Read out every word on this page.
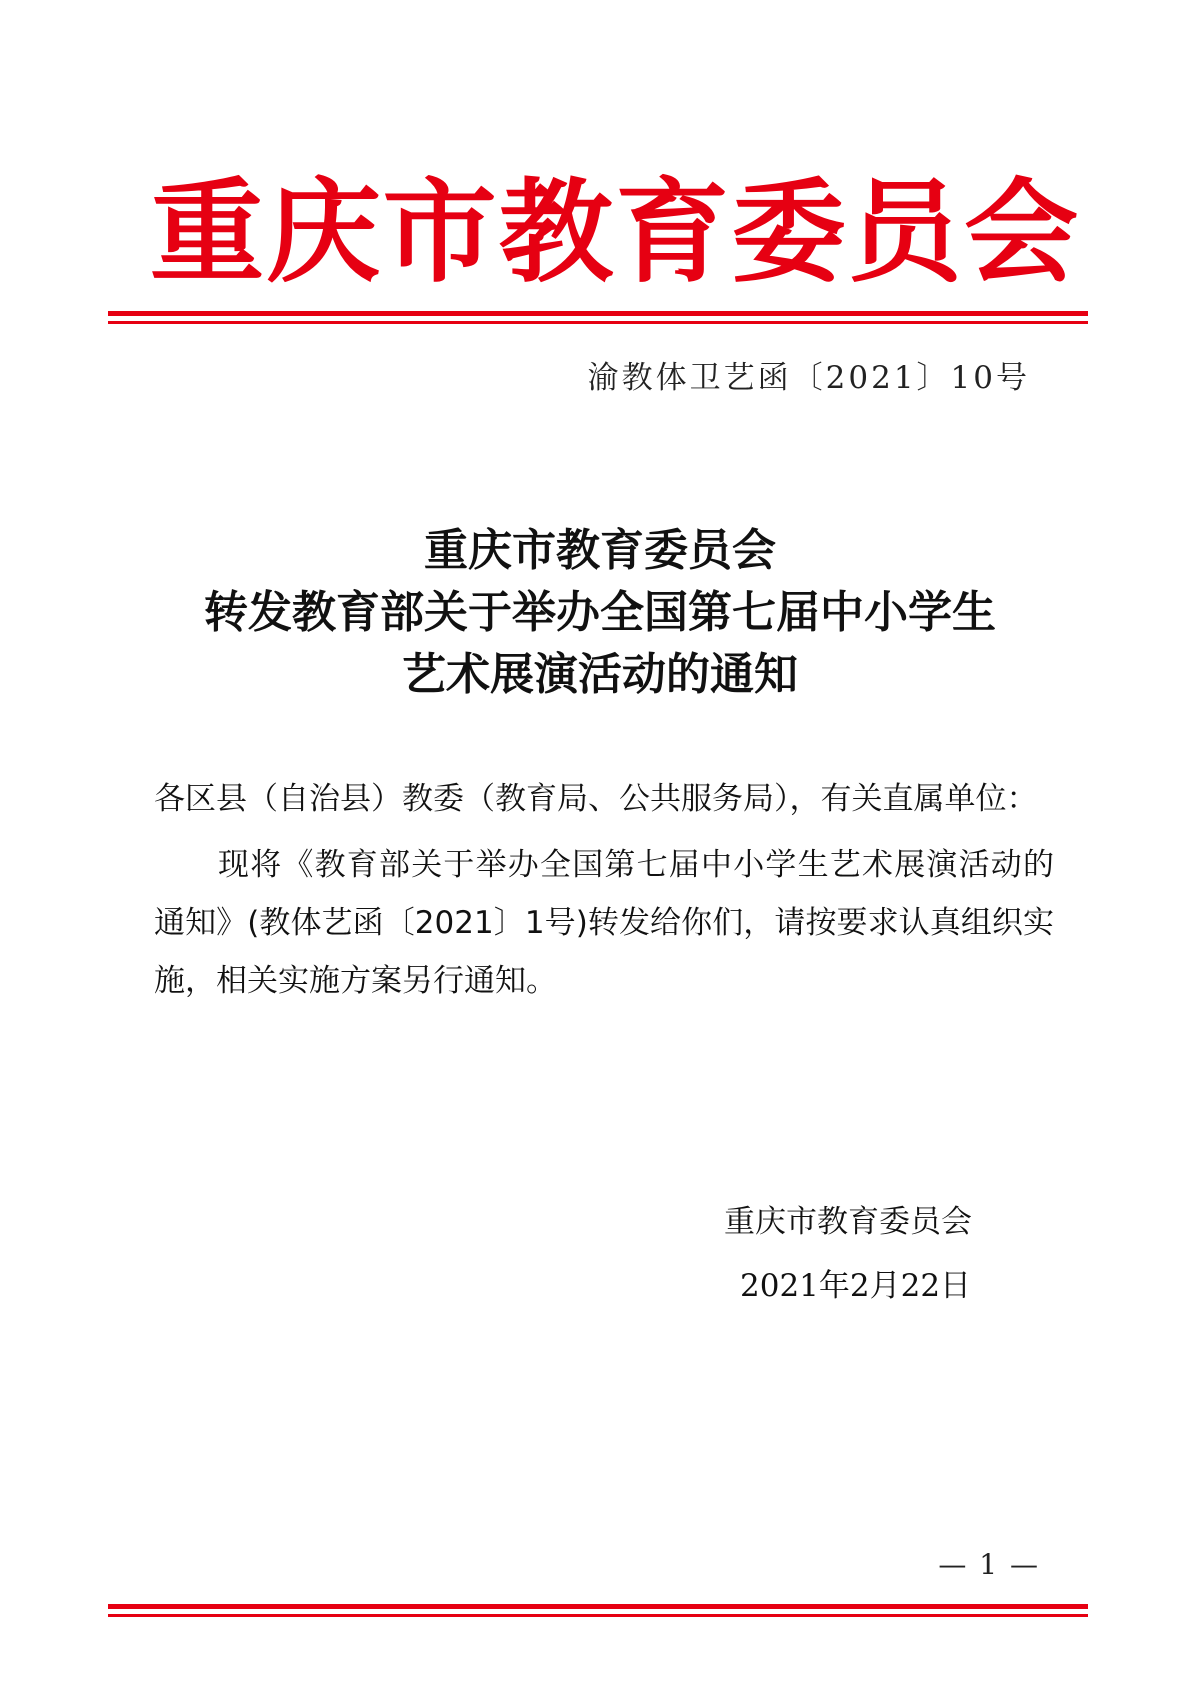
重 庆 市 教 育 委 员 会
渝教体卫艺函〔2021〕10号
重庆市教育委员会
转发教育部关于举办全国第七届中小学生
艺术展演活动的通知

各区县（自治县）教委（教育局、公共服务局），有关直属单位：

现将《教育部关于举办全国第七届中小学生艺术展演活动的通知》(教体艺函〔2021〕1号)转发给你们，请按要求认真组织实施，相关实施方案另行通知。

重庆市教育委员会
2021年2月22日
— 1 —
